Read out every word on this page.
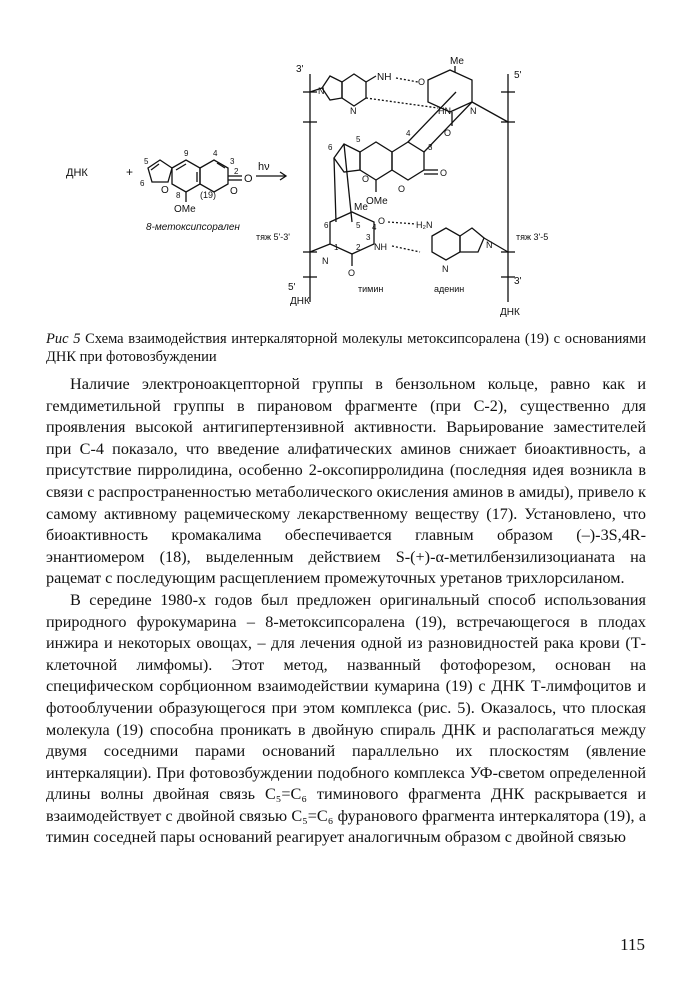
ДНК	+	O
O
O
OMe
(19)
8-метоксипсорален
4
3
2
9
5
6
8
hν
3'
5'
5'
3'
ДНК
ДНК
тяж 5'-3'	тяж 3'-5
NH
N
N
O
HN N
Me
O
O
O
O
OMe
5
6
4
3
Me
O
NH
N
O
тимин
6	5 4
3
2
1
H₂N
N
N
аденин
Рис 5 Схема взаимодействия интеркаляторной молекулы метоксипсоралена (19) с основаниями ДНК при фотовозбуждении

Наличие электроноакцепторной группы в бензольном кольце, равно как и гемдиметильной группы в пирановом фрагменте (при С-2), существенно для проявления высокой антигипертензивной активности. Варьирование заместителей при С-4 показало, что введение алифатических аминов снижает биоактивность, а присутствие пирролидина, особенно 2-оксопирролидина (последняя идея возникла в связи с распространенностью метаболического окисления аминов в амиды), привело к самому активному рацемическому лекарственному веществу (17). Установлено, что биоактивность кромакалима обеспечивается главным образом (–)-3S,4R-энантиомером (18), выделенным действием S-(+)-α-метилбензилизоцианата на рацемат с последующим расщеплением промежуточных уретанов трихлорсиланом.

В середине 1980-х годов был предложен оригинальный способ использования природного фурокумарина – 8-метоксипсоралена (19), встречающегося в плодах инжира и некоторых овощах, – для лечения одной из разновидностей рака крови (Т-клеточной лимфомы). Этот метод, названный фотофорезом, основан на специфическом сорбционном взаимодействии кумарина (19) с ДНК Т-лимфоцитов и фотооблучении образующегося при этом комплекса (рис. 5). Оказалось, что плоская молекула (19) способна проникать в двойную спираль ДНК и располагаться между двумя соседними парами оснований параллельно их плоскостям (явление интеркаляции). При фотовозбуждении подобного комплекса УФ-светом определенной длины волны двойная связь C₅=C₆ тиминового фрагмента ДНК раскрывается и взаимодействует с двойной связью C₅=C₆ фуранового фрагмента интеркалятора (19), а тимин соседней пары оснований реагирует аналогичным образом с двойной связью

115
